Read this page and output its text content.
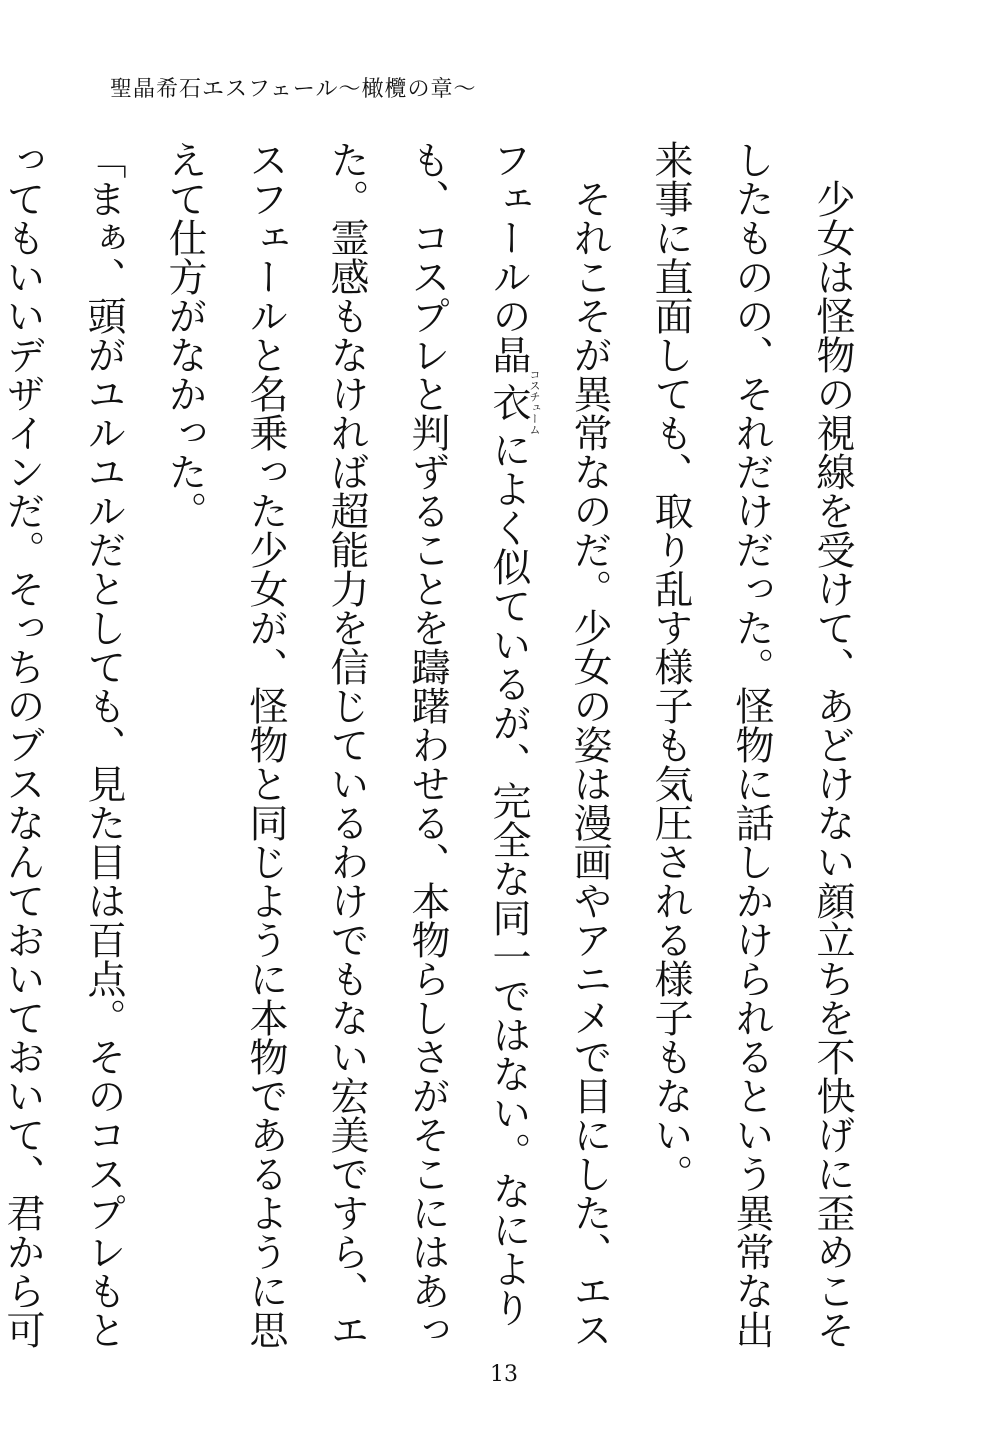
聖晶希石エスフェール～橄欖の章～

少女は怪物の視線を受けて、あどけない顔立ちを不快げに歪めこそしたものの、それだけだった。怪物に話しかけられるという異常な出来事に直面しても、取り乱す様子も気圧される様子もない。

それこそが異常なのだ。少女の姿は漫画やアニメで目にした、エスフェールの晶衣コスチュームによく似ているが、完全な同一ではない。なによりも、コスプレと判ずることを躊躇わせる、本物らしさがそこにはあった。霊感もなければ超能力を信じているわけでもない宏美ですら、エスフェールと名乗った少女が、怪物と同じように本物であるように思えて仕方がなかった。

「まぁ、頭がユルユルだとしても、見た目は百点。そのコスプレもとってもいいデザインだ。そっちのブスなんておいておいて、君から可

13
